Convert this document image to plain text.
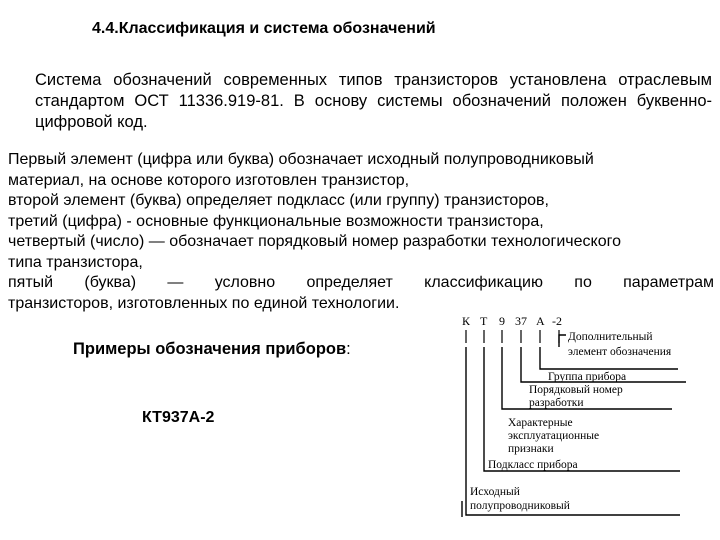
4.4.Классификация и система обозначений
Система обозначений современных типов транзисторов установлена отраслевым стандартом ОСТ 11336.919-81. В основу системы обозначений положен буквенно-цифровой код.
Первый элемент (цифра или буква) обозначает исходный полупроводниковый
материал, на основе которого изготовлен транзистор,
второй элемент (буква) определяет подкласс (или группу) транзисторов,
третий (цифра) - основные функциональные возможности транзистора,
четвертый (число) — обозначает порядковый номер разработки технологического
типа транзистора,
пятый (буква) — условно определяет классификацию по параметрам
транзисторов, изготовленных по единой технологии.
Примеры обозначения приборов:
КТ937А-2
К Т 9 37 А -2
Дополнительный
элемент обозначения
Группа прибора
Порядковый номер
разработки
Характерные
эксплуатационные
признаки
Подкласс прибора
Исходный
полупроводниковый
